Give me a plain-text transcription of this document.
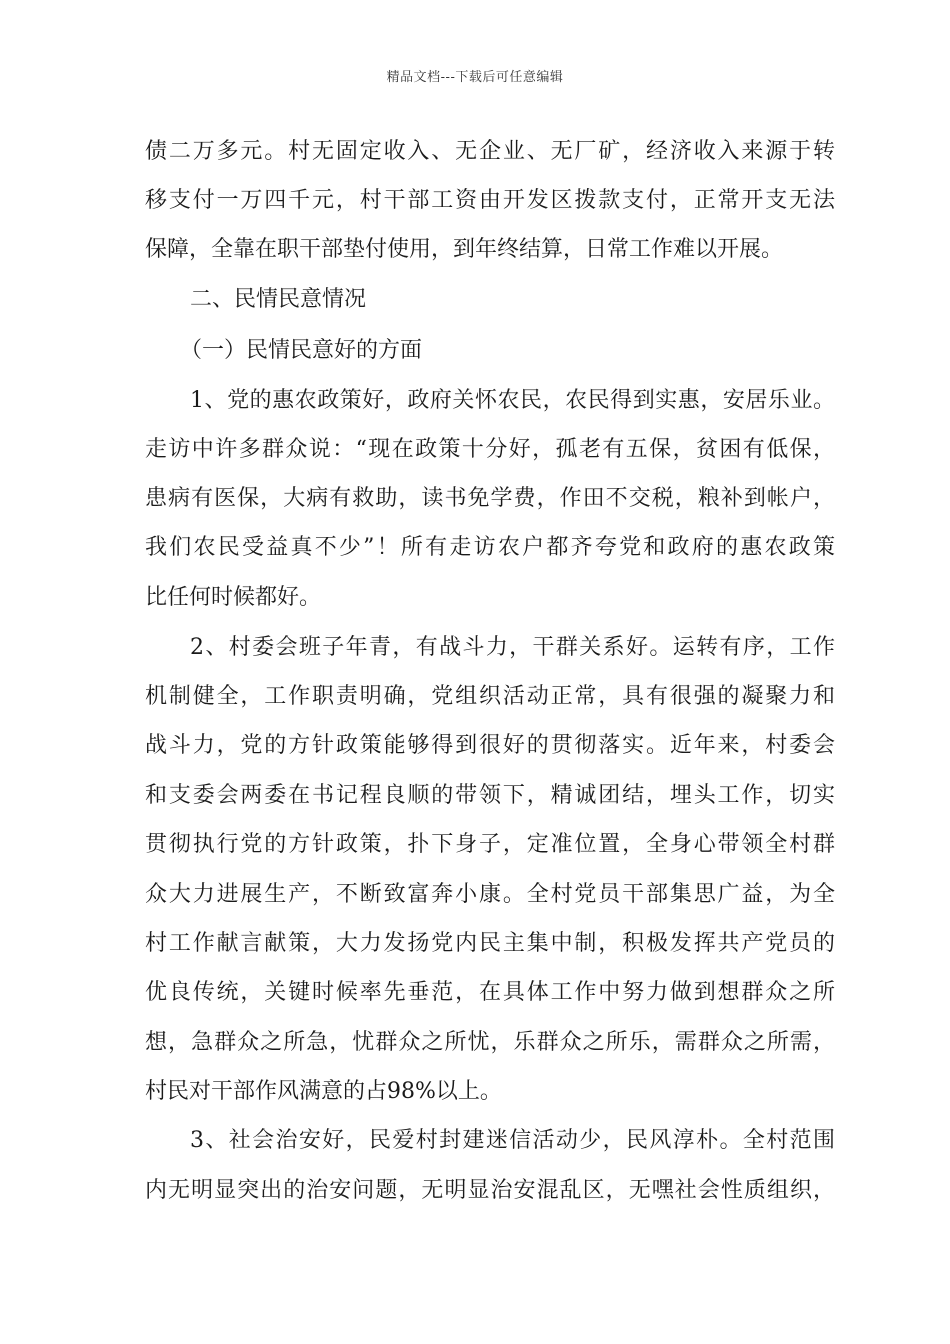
精品文档---下载后可任意编辑
债二万多元。村无固定收入、无企业、无厂矿，经济收入来源于转
移支付一万四千元，村干部工资由开发区拨款支付，正常开支无法
保障，全靠在职干部垫付使用，到年终结算，日常工作难以开展。
二、民情民意情况
（一）民情民意好的方面
1、党的惠农政策好，政府关怀农民，农民得到实惠，安居乐业。
走访中许多群众说：“现在政策十分好，孤老有五保，贫困有低保，
患病有医保，大病有救助，读书免学费，作田不交税，粮补到帐户，
我们农民受益真不少”！所有走访农户都齐夸党和政府的惠农政策
比任何时候都好。
2、村委会班子年青，有战斗力，干群关系好。运转有序，工作
机制健全，工作职责明确，党组织活动正常，具有很强的凝聚力和
战斗力，党的方针政策能够得到很好的贯彻落实。近年来，村委会
和支委会两委在书记程良顺的带领下，精诚团结，埋头工作，切实
贯彻执行党的方针政策，扑下身子，定准位置，全身心带领全村群
众大力进展生产，不断致富奔小康。全村党员干部集思广益，为全
村工作献言献策，大力发扬党内民主集中制，积极发挥共产党员的
优良传统，关键时候率先垂范，在具体工作中努力做到想群众之所
想，急群众之所急，忧群众之所忧，乐群众之所乐，需群众之所需，
村民对干部作风满意的占98%以上。
3、社会治安好，民爱村封建迷信活动少，民风淳朴。全村范围
内无明显突出的治安问题，无明显治安混乱区，无嘿社会性质组织，
